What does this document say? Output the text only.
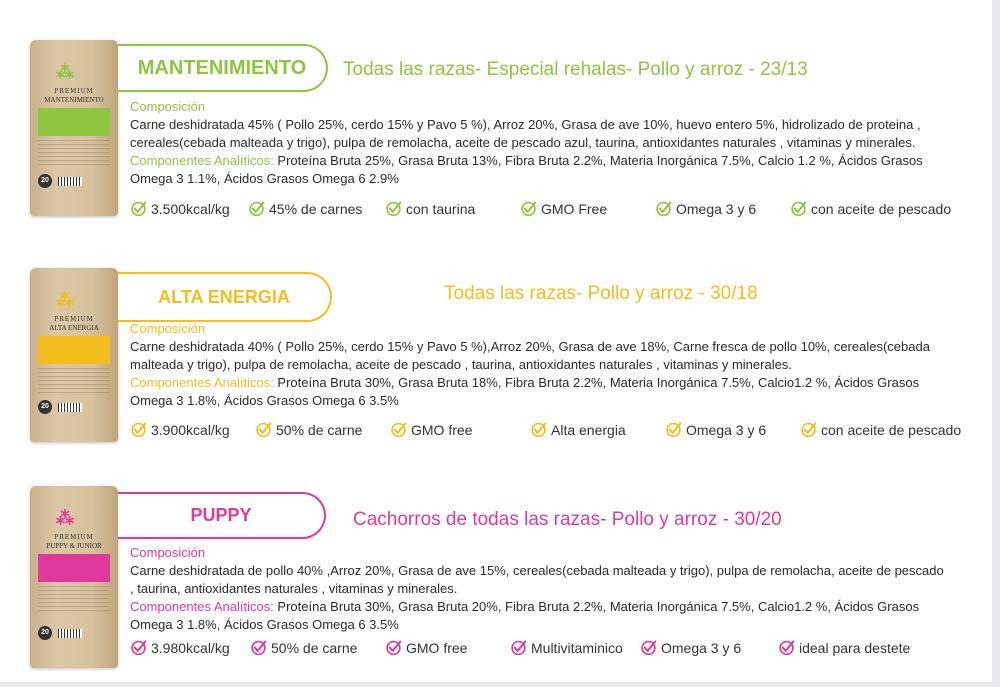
⁂
PREMIUM
MANTENIMIENTO
20
MANTENIMIENTO	Todas las razas- Especial rehalas- Pollo y arroz - 23/13
Composición
Carne deshidratada 45% ( Pollo 25%, cerdo 15% y Pavo 5 %), Arroz 20%, Grasa de ave 10%, huevo entero 5%, hidrolizado de proteina ,
cereales(cebada malteada y trigo), pulpa de remolacha, aceite de pescado azul, taurina, antioxidantes naturales , vitaminas y minerales.
Componentes Analíticos: Proteína Bruta 25%, Grasa Bruta 13%, Fibra Bruta 2.2%, Materia Inorgánica 7.5%, Calcio 1.2 %, Ácidos Grasos
Omega 3 1.1%, Ácidos Grasos Omega 6 2.9%
3.500kcal/kg	45% de carnes	con taurina	GMO Free	Omega 3 y 6	con aceite de pescado
⁂
PREMIUM
ALTA ENERGIA
20
ALTA ENERGIA	Todas las razas- Pollo y arroz - 30/18
Composición
Carne deshidratada 40% ( Pollo 25%, cerdo 15% y Pavo 5 %),Arroz 20%, Grasa de ave 18%, Carne fresca de pollo 10%, cereales(cebada
malteada y trigo), pulpa de remolacha, aceite de pescado , taurina, antioxidantes naturales , vitaminas y minerales.
Componentes Analíticos: Proteína Bruta 30%, Grasa Bruta 18%, Fibra Bruta 2.2%, Materia Inorgánica 7.5%, Calcio1.2 %, Ácidos Grasos
Omega 3 1.8%, Ácidos Grasos Omega 6 3.5%
3.900kcal/kg	50% de carne	GMO free	Alta energia	Omega 3 y 6	con aceite de pescado
⁂
PREMIUM
PUPPY & JUNIOR
20
PUPPY	Cachorros de todas las razas- Pollo y arroz - 30/20
Composición
Carne deshidratada de pollo 40% ,Arroz 20%, Grasa de ave 15%, cereales(cebada malteada y trigo), pulpa de remolacha, aceite de pescado
, taurina, antioxidantes naturales , vitaminas y minerales.
Componentes Analíticos: Proteína Bruta 30%, Grasa Bruta 20%, Fibra Bruta 2.2%, Materia Inorgánica 7.5%, Calcio1.2 %, Ácidos Grasos
Omega 3 1.8%, Ácidos Grasos Omega 6 3.5%
3.980kcal/kg	50% de carne	GMO free	Multivitaminico	Omega 3 y 6	ideal para destete
